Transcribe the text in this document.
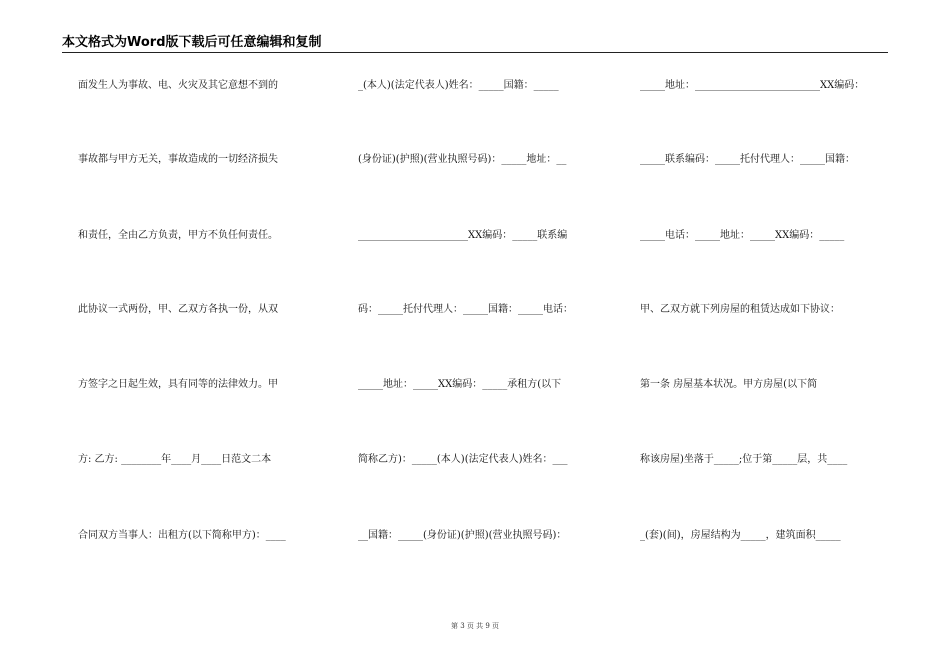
本文格式为Word版下载后可任意编辑和复制
面发生人为事故、电、火灾及其它意想不到的
事故都与甲方无关，事故造成的一切经济损失
和责任，全由乙方负责，甲方不负任何责任。
此协议一式两份，甲、乙双方各执一份，从双
方签字之日起生效，具有同等的法律效力。甲
方: 乙方: ________年____月____日范文二本
合同双方当事人：出租方(以下简称甲方)：____
_(本人)(法定代表人)姓名：_____国籍：_____
(身份证)(护照)(营业执照号码)：_____地址：__
______________________XX编码：_____联系编
码：_____托付代理人：_____国籍：_____电话：
_____地址：_____XX编码：_____承租方(以下
简称乙方)：_____(本人)(法定代表人)姓名：___
__国籍：_____(身份证)(护照)(营业执照号码)：
_____地址：_________________________XX编码：
_____联系编码：_____托付代理人：_____国籍：
_____电话：_____地址：_____XX编码：_____
甲、乙双方就下列房屋的租赁达成如下协议：
第一条 房屋基本状况。甲方房屋(以下简
称该房屋)坐落于_____;位于第_____层，共____
_(套)(间)，房屋结构为_____，建筑面积_____
第 3 页 共 9 页
